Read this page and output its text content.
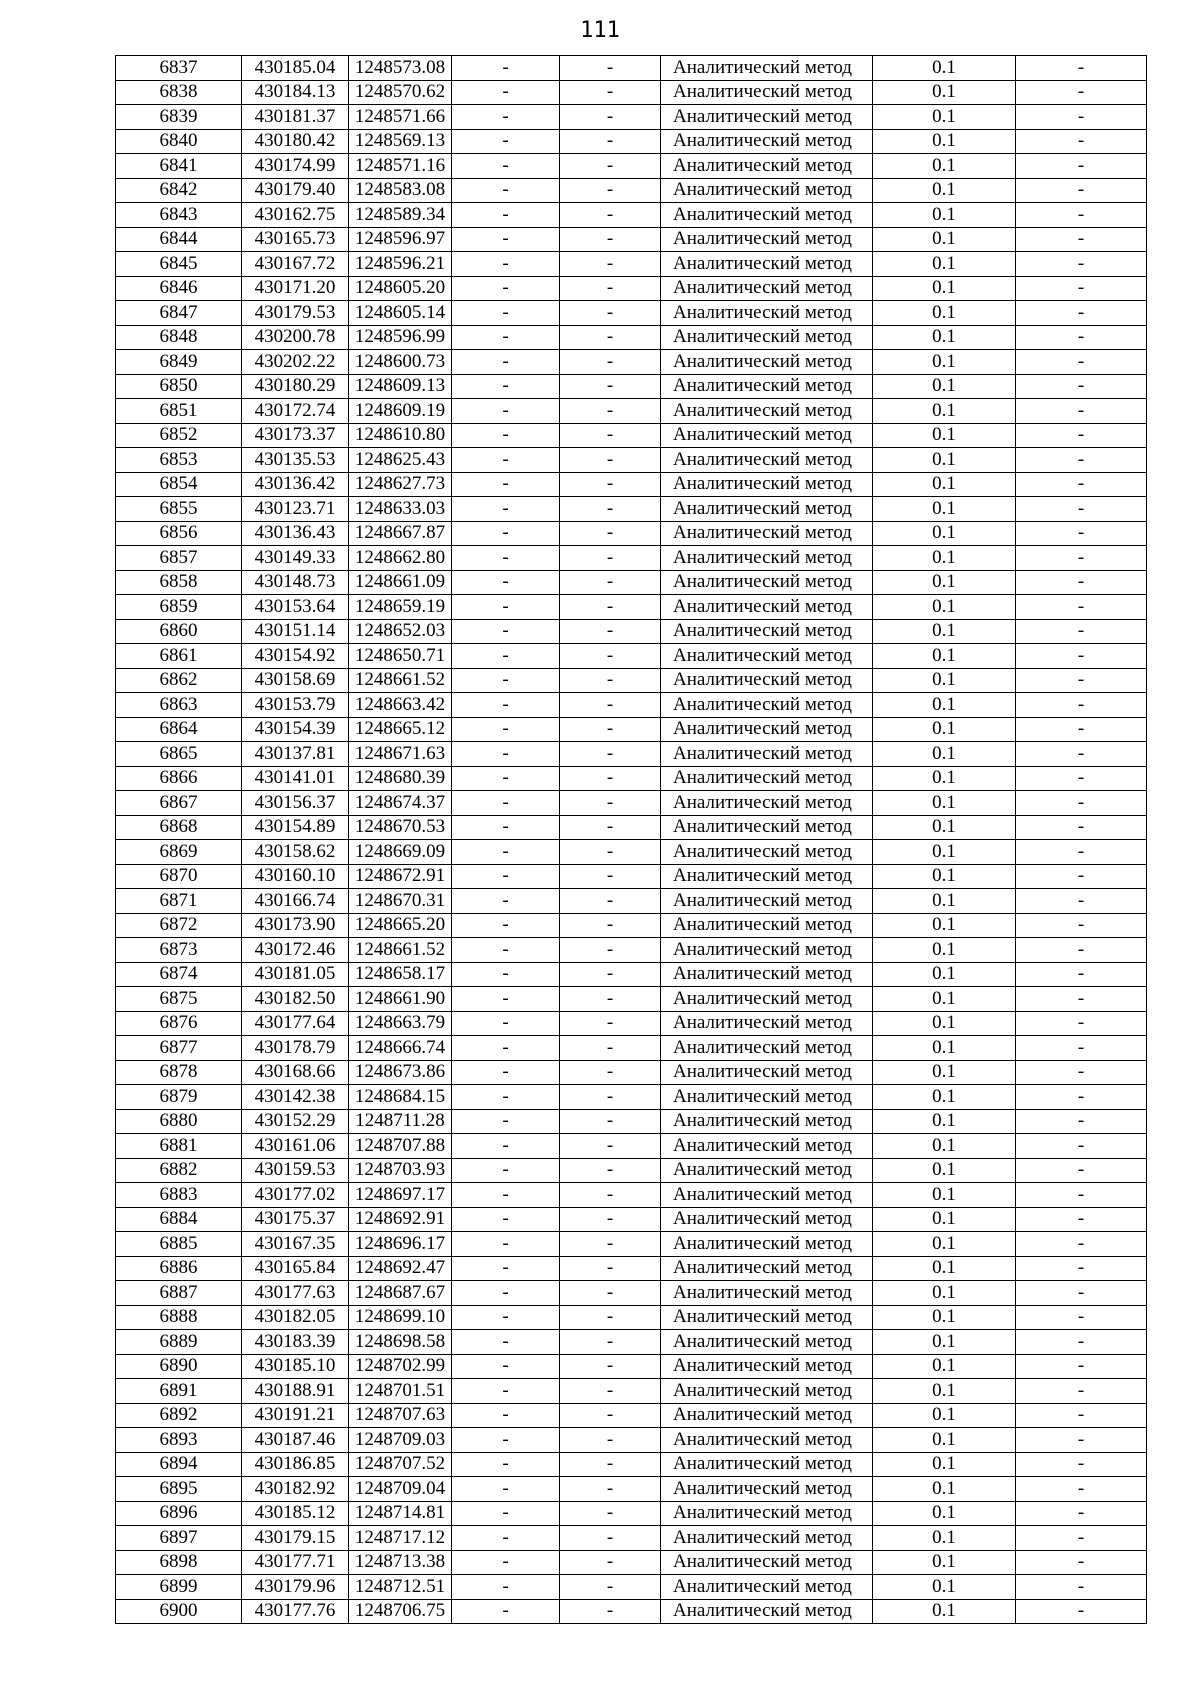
111
6837	430185.04	1248573.08	-	-	Аналитический метод	0.1	-
6838	430184.13	1248570.62	-	-	Аналитический метод	0.1	-
6839	430181.37	1248571.66	-	-	Аналитический метод	0.1	-
6840	430180.42	1248569.13	-	-	Аналитический метод	0.1	-
6841	430174.99	1248571.16	-	-	Аналитический метод	0.1	-
6842	430179.40	1248583.08	-	-	Аналитический метод	0.1	-
6843	430162.75	1248589.34	-	-	Аналитический метод	0.1	-
6844	430165.73	1248596.97	-	-	Аналитический метод	0.1	-
6845	430167.72	1248596.21	-	-	Аналитический метод	0.1	-
6846	430171.20	1248605.20	-	-	Аналитический метод	0.1	-
6847	430179.53	1248605.14	-	-	Аналитический метод	0.1	-
6848	430200.78	1248596.99	-	-	Аналитический метод	0.1	-
6849	430202.22	1248600.73	-	-	Аналитический метод	0.1	-
6850	430180.29	1248609.13	-	-	Аналитический метод	0.1	-
6851	430172.74	1248609.19	-	-	Аналитический метод	0.1	-
6852	430173.37	1248610.80	-	-	Аналитический метод	0.1	-
6853	430135.53	1248625.43	-	-	Аналитический метод	0.1	-
6854	430136.42	1248627.73	-	-	Аналитический метод	0.1	-
6855	430123.71	1248633.03	-	-	Аналитический метод	0.1	-
6856	430136.43	1248667.87	-	-	Аналитический метод	0.1	-
6857	430149.33	1248662.80	-	-	Аналитический метод	0.1	-
6858	430148.73	1248661.09	-	-	Аналитический метод	0.1	-
6859	430153.64	1248659.19	-	-	Аналитический метод	0.1	-
6860	430151.14	1248652.03	-	-	Аналитический метод	0.1	-
6861	430154.92	1248650.71	-	-	Аналитический метод	0.1	-
6862	430158.69	1248661.52	-	-	Аналитический метод	0.1	-
6863	430153.79	1248663.42	-	-	Аналитический метод	0.1	-
6864	430154.39	1248665.12	-	-	Аналитический метод	0.1	-
6865	430137.81	1248671.63	-	-	Аналитический метод	0.1	-
6866	430141.01	1248680.39	-	-	Аналитический метод	0.1	-
6867	430156.37	1248674.37	-	-	Аналитический метод	0.1	-
6868	430154.89	1248670.53	-	-	Аналитический метод	0.1	-
6869	430158.62	1248669.09	-	-	Аналитический метод	0.1	-
6870	430160.10	1248672.91	-	-	Аналитический метод	0.1	-
6871	430166.74	1248670.31	-	-	Аналитический метод	0.1	-
6872	430173.90	1248665.20	-	-	Аналитический метод	0.1	-
6873	430172.46	1248661.52	-	-	Аналитический метод	0.1	-
6874	430181.05	1248658.17	-	-	Аналитический метод	0.1	-
6875	430182.50	1248661.90	-	-	Аналитический метод	0.1	-
6876	430177.64	1248663.79	-	-	Аналитический метод	0.1	-
6877	430178.79	1248666.74	-	-	Аналитический метод	0.1	-
6878	430168.66	1248673.86	-	-	Аналитический метод	0.1	-
6879	430142.38	1248684.15	-	-	Аналитический метод	0.1	-
6880	430152.29	1248711.28	-	-	Аналитический метод	0.1	-
6881	430161.06	1248707.88	-	-	Аналитический метод	0.1	-
6882	430159.53	1248703.93	-	-	Аналитический метод	0.1	-
6883	430177.02	1248697.17	-	-	Аналитический метод	0.1	-
6884	430175.37	1248692.91	-	-	Аналитический метод	0.1	-
6885	430167.35	1248696.17	-	-	Аналитический метод	0.1	-
6886	430165.84	1248692.47	-	-	Аналитический метод	0.1	-
6887	430177.63	1248687.67	-	-	Аналитический метод	0.1	-
6888	430182.05	1248699.10	-	-	Аналитический метод	0.1	-
6889	430183.39	1248698.58	-	-	Аналитический метод	0.1	-
6890	430185.10	1248702.99	-	-	Аналитический метод	0.1	-
6891	430188.91	1248701.51	-	-	Аналитический метод	0.1	-
6892	430191.21	1248707.63	-	-	Аналитический метод	0.1	-
6893	430187.46	1248709.03	-	-	Аналитический метод	0.1	-
6894	430186.85	1248707.52	-	-	Аналитический метод	0.1	-
6895	430182.92	1248709.04	-	-	Аналитический метод	0.1	-
6896	430185.12	1248714.81	-	-	Аналитический метод	0.1	-
6897	430179.15	1248717.12	-	-	Аналитический метод	0.1	-
6898	430177.71	1248713.38	-	-	Аналитический метод	0.1	-
6899	430179.96	1248712.51	-	-	Аналитический метод	0.1	-
6900	430177.76	1248706.75	-	-	Аналитический метод	0.1	-
